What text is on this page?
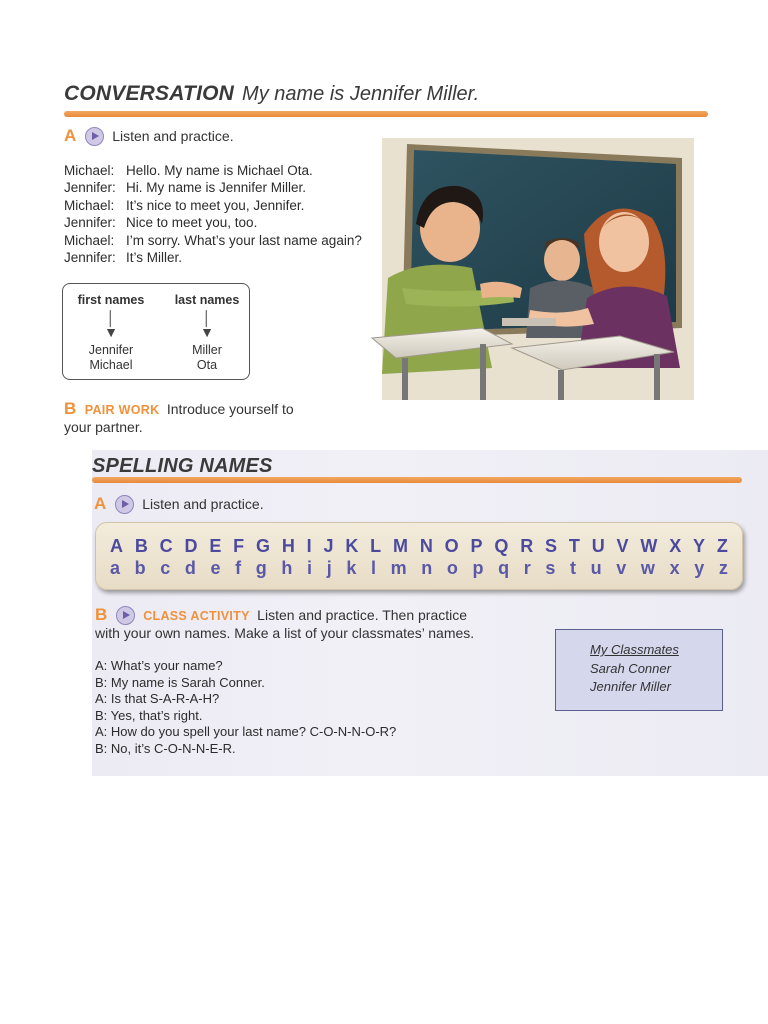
CONVERSATION My name is Jennifer Miller.
A	Listen and practice.
Michael: Hello. My name is Michael Ota.
Jennifer: Hi. My name is Jennifer Miller.
Michael: It’s nice to meet you, Jennifer.
Jennifer: Nice to meet you, too.
Michael: I’m sorry. What’s your last name again?
Jennifer: It’s Miller.
first names
│
▼
Jennifer
Michael
last names
│
▼
Miller
Ota
B PAIR WORK Introduce yourself to
your partner.
SPELLING NAMES
A	Listen and practice.
A B C D E F G H I J K L M N O P Q R S T U V W X Y Z
a b c d e f g h i j k l m n o p q r s t u v w x y z
B	CLASS ACTIVITY Listen and practice. Then practice
with your own names. Make a list of your classmates’ names.
A: What’s your name?
B: My name is Sarah Conner.
A: Is that S-A-R-A-H?
B: Yes, that’s right.
A: How do you spell your last name? C-O-N-N-O-R?
B: No, it’s C-O-N-N-E-R.
My Classmates
Sarah Conner
Jennifer Miller
